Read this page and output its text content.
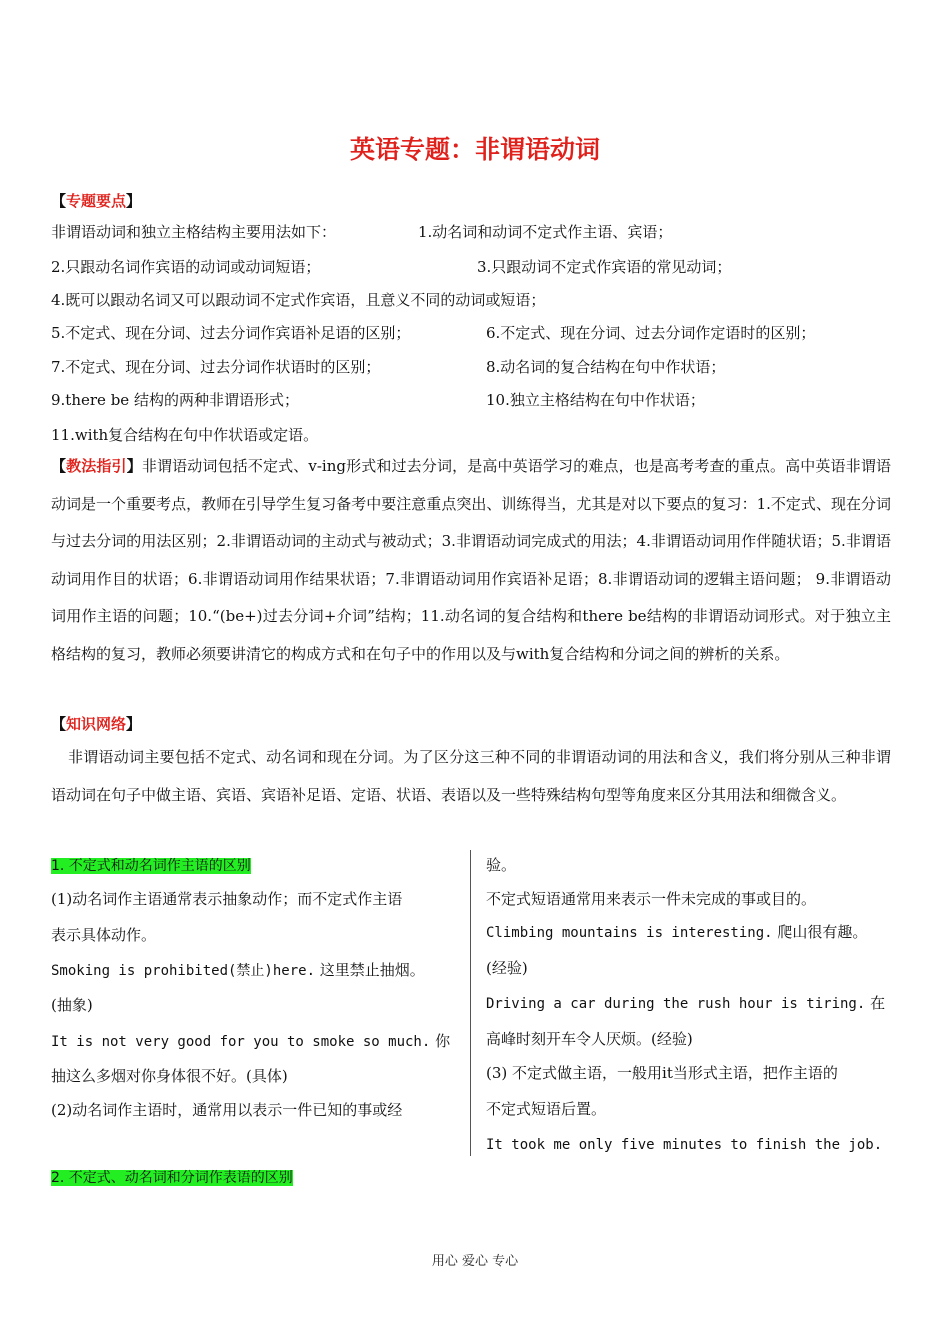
英语专题：非谓语动词
【专题要点】
非谓语动词和独立主格结构主要用法如下：	1.动名词和动词不定式作主语、宾语；
2.只跟动名词作宾语的动词或动词短语；	3.只跟动词不定式作宾语的常见动词；
4.既可以跟动名词又可以跟动词不定式作宾语，且意义不同的动词或短语；
5.不定式、现在分词、过去分词作宾语补足语的区别；	6.不定式、现在分词、过去分词作定语时的区别；
7.不定式、现在分词、过去分词作状语时的区别；	8.动名词的复合结构在句中作状语；
9.there be 结构的两种非谓语形式；	10.独立主格结构在句中作状语；
11.with复合结构在句中作状语或定语。
【教法指引】非谓语动词包括不定式、v-ing形式和过去分词，是高中英语学习的难点，也是高考考查的重点。高中英语非谓语动词是一个重要考点，教师在引导学生复习备考中要注意重点突出、训练得当，尤其是对以下要点的复习：1.不定式、现在分词与过去分词的用法区别；2.非谓语动词的主动式与被动式；3.非谓语动词完成式的用法；4.非谓语动词用作伴随状语；5.非谓语动词用作目的状语；6.非谓语动词用作结果状语；7.非谓语动词用作宾语补足语；8.非谓语动词的逻辑主语问题； 9.非谓语动词用作主语的问题；10.“(be+)过去分词+介词”结构；11.动名词的复合结构和there be结构的非谓语动词形式。对于独立主格结构的复习，教师必须要讲清它的构成方式和在句子中的作用以及与with复合结构和分词之间的辨析的关系。
【知识网络】
非谓语动词主要包括不定式、动名词和现在分词。为了区分这三种不同的非谓语动词的用法和含义，我们将分别从三种非谓语动词在句子中做主语、宾语、宾语补足语、定语、状语、表语以及一些特殊结构句型等角度来区分其用法和细微含义。
1. 不定式和动名词作主语的区别
(1)动名词作主语通常表示抽象动作；而不定式作主语
表示具体动作。
Smoking is prohibited(禁止)here. 这里禁止抽烟。
(抽象)
It is not very good for you to smoke so much. 你
抽这么多烟对你身体很不好。(具体)
(2)动名词作主语时，通常用以表示一件已知的事或经
验。
不定式短语通常用来表示一件未完成的事或目的。
Climbing mountains is interesting. 爬山很有趣。
(经验)
Driving a car during the rush hour is tiring. 在
高峰时刻开车令人厌烦。(经验)
(3) 不定式做主语，一般用it当形式主语，把作主语的
不定式短语后置。
It took me only five minutes to finish the job.
2. 不定式、动名词和分词作表语的区别
用心 爱心 专心
